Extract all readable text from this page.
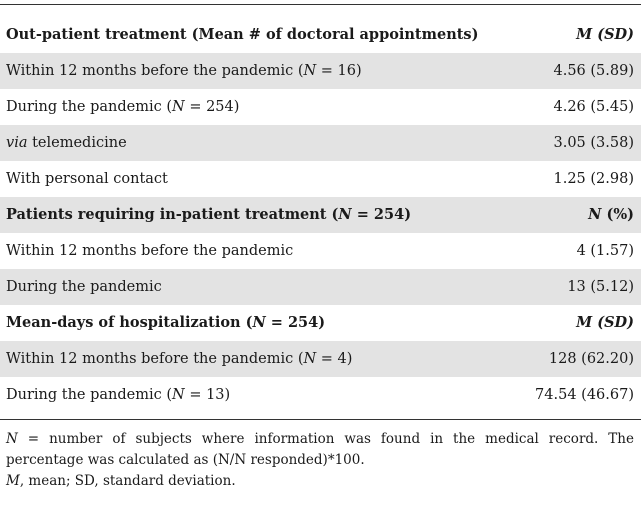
Out-patient treatment (Mean # of doctoral appointments)	M (SD)
Within 12 months before the pandemic (N = 16)	4.56 (5.89)
During the pandemic (N = 254)	4.26 (5.45)
via telemedicine	3.05 (3.58)
With personal contact	1.25 (2.98)
Patients requiring in-patient treatment (N = 254)	N (%)
Within 12 months before the pandemic	4 (1.57)
During the pandemic	13 (5.12)
Mean-days of hospitalization (N = 254)	M (SD)
Within 12 months before the pandemic (N = 4)	128 (62.20)
During the pandemic (N = 13)	74.54 (46.67)
N = number of subjects where information was found in the medical record. The percentage was calculated as (N/N responded)*100.
M, mean; SD, standard deviation.
